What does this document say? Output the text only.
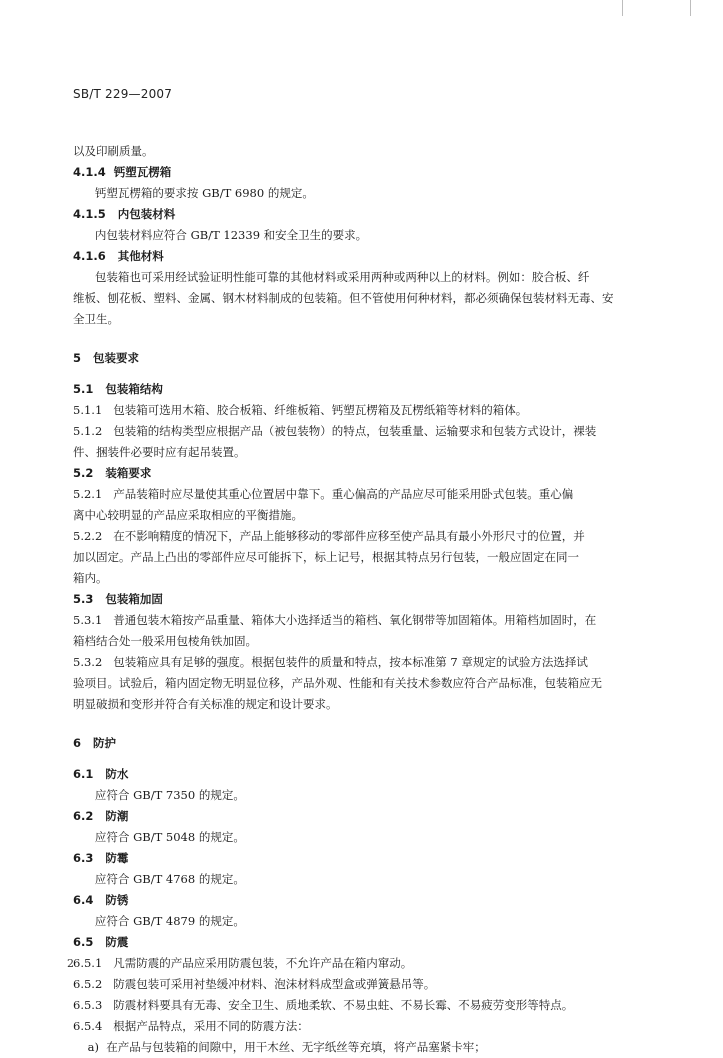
SB/T 229—2007
以及印刷质量。
4.1.4  钙塑瓦楞箱
钙塑瓦楞箱的要求按 GB/T 6980 的规定。
4.1.5   内包装材料
内包装材料应符合 GB/T 12339 和安全卫生的要求。
4.1.6   其他材料
包装箱也可采用经试验证明性能可靠的其他材料或采用两种或两种以上的材料。例如：胶合板、纤
维板、刨花板、塑料、金属、钢木材料制成的包装箱。但不管使用何种材料，都必须确保包装材料无毒、安
全卫生。
5   包装要求
5.1   包装箱结构
5.1.1   包装箱可选用木箱、胶合板箱、纤维板箱、钙塑瓦楞箱及瓦楞纸箱等材料的箱体。
5.1.2   包装箱的结构类型应根据产品（被包装物）的特点，包装重量、运输要求和包装方式设计，裸装
件、捆装件必要时应有起吊装置。
5.2   装箱要求
5.2.1   产品装箱时应尽量使其重心位置居中靠下。重心偏高的产品应尽可能采用卧式包装。重心偏
离中心较明显的产品应采取相应的平衡措施。
5.2.2   在不影响精度的情况下，产品上能够移动的零部件应移至使产品具有最小外形尺寸的位置，并
加以固定。产品上凸出的零部件应尽可能拆下，标上记号，根据其特点另行包装，一般应固定在同一
箱内。
5.3   包装箱加固
5.3.1   普通包装木箱按产品重量、箱体大小选择适当的箱档、氧化钢带等加固箱体。用箱档加固时，在
箱档结合处一般采用包棱角铁加固。
5.3.2   包装箱应具有足够的强度。根据包装件的质量和特点，按本标准第 7 章规定的试验方法选择试
验项目。试验后，箱内固定物无明显位移，产品外观、性能和有关技术参数应符合产品标准，包装箱应无
明显破损和变形并符合有关标准的规定和设计要求。
6   防护
6.1   防水
应符合 GB/T 7350 的规定。
6.2   防潮
应符合 GB/T 5048 的规定。
6.3   防霉
应符合 GB/T 4768 的规定。
6.4   防锈
应符合 GB/T 4879 的规定。
6.5   防震
6.5.1   凡需防震的产品应采用防震包装，不允许产品在箱内窜动。
6.5.2   防震包装可采用衬垫缓冲材料、泡沫材料成型盒或弹簧悬吊等。
6.5.3   防震材料要具有无毒、安全卫生、质地柔软、不易虫蛀、不易长霉、不易疲劳变形等特点。
6.5.4   根据产品特点，采用不同的防震方法：
a)  在产品与包装箱的间隙中，用干木丝、无字纸丝等充填，将产品塞紧卡牢；
2
